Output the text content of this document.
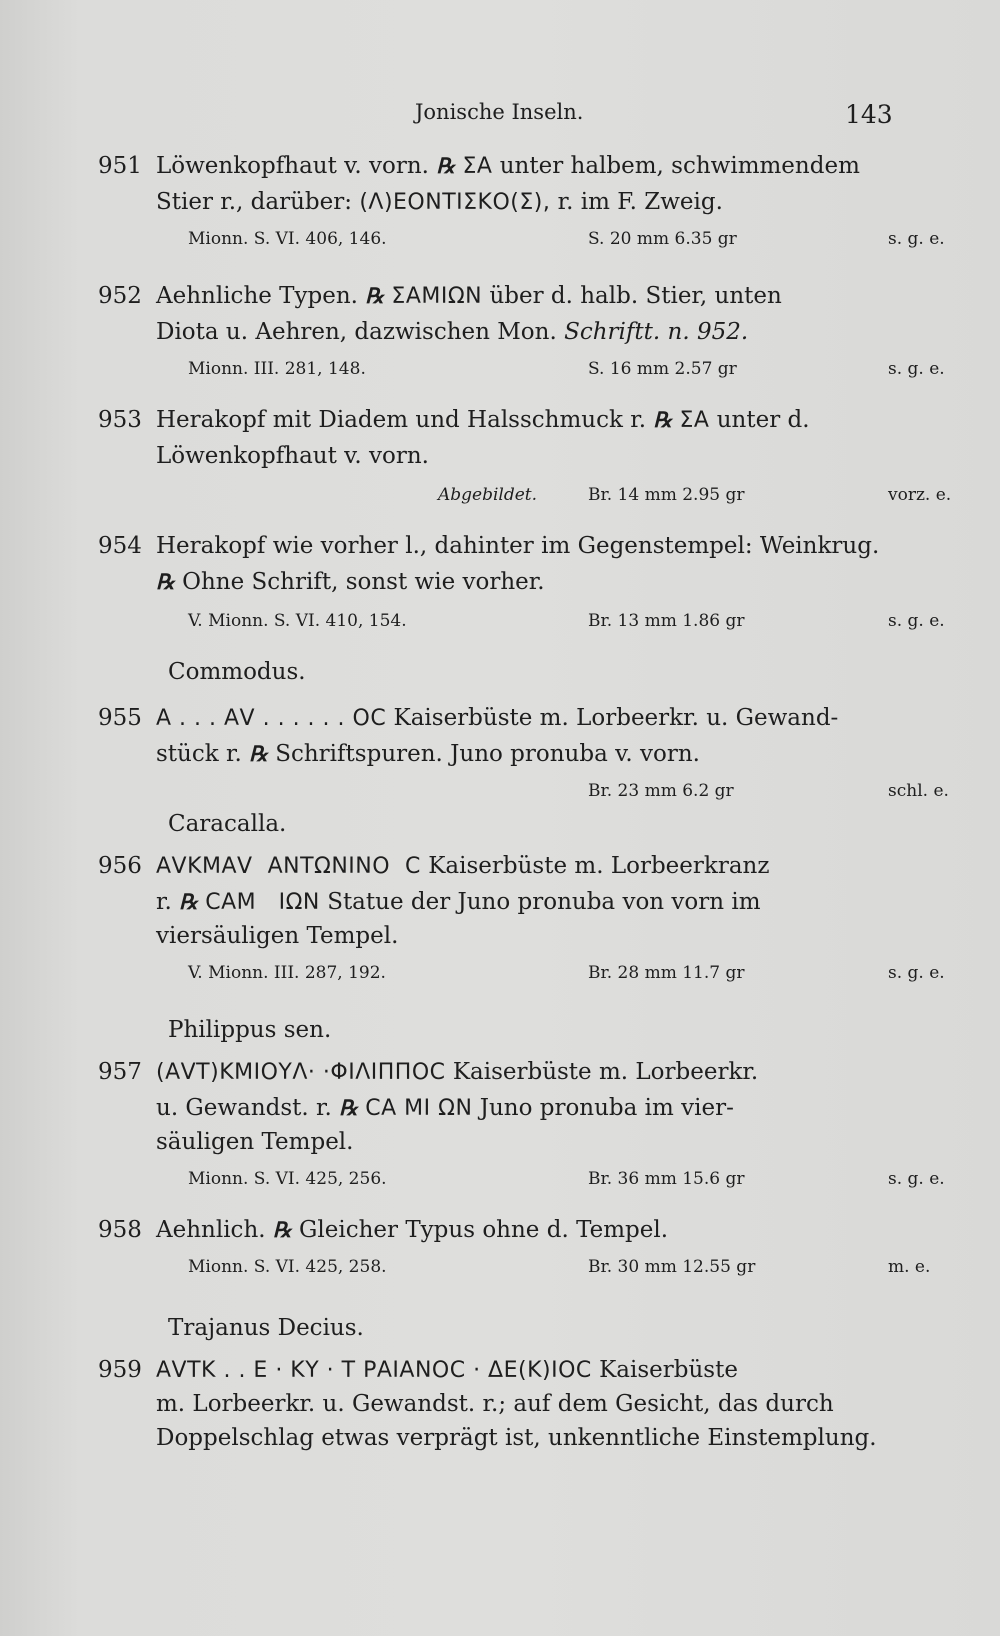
Jonische Inseln.	143
951 Löwenkopfhaut v. vorn. ℞ ΣΑ unter halbem, schwimmendem
Stier r., darüber: (Λ)ΕΟΝΤΙΣΚΟ(Σ), r. im F. Zweig.
Mionn. S. VI. 406, 146.	S. 20 mm 6.35 gr	s. g. e.
952 Aehnliche Typen. ℞ ΣΑΜΙΩΝ über d. halb. Stier, unten
Diota u. Aehren, dazwischen Mon. Schriftt. n. 952.
Mionn. III. 281, 148.	S. 16 mm 2.57 gr	s. g. e.
953 Herakopf mit Diadem und Halsschmuck r. ℞ ΣΑ unter d.
Löwenkopfhaut v. vorn.
Abgebildet.	Br. 14 mm 2.95 gr	vorz. e.
954 Herakopf wie vorher l., dahinter im Gegenstempel: Weinkrug.
℞ Ohne Schrift, sonst wie vorher.
V. Mionn. S. VI. 410, 154.	Br. 13 mm 1.86 gr	s. g. e.
Commodus.
955 Α . . . ΑV . . . . . . ΟC Kaiserbüste m. Lorbeerkr. u. Gewand-
stück r. ℞ Schriftspuren. Juno pronuba v. vorn.
Br. 23 mm 6.2 gr	schl. e.
Caracalla.
956 ΑVΚΜΑV  ΑΝΤΩΝΙΝΟ  C Kaiserbüste m. Lorbeerkranz
r. ℞ CΑΜ   ΙΩΝ Statue der Juno pronuba von vorn im
viersäuligen Tempel.
V. Mionn. III. 287, 192.	Br. 28 mm 11.7 gr	s. g. e.
Philippus sen.
957 (ΑVΤ)ΚΜΙΟΥΛ· ·ΦΙΛΙΠΠΟC Kaiserbüste m. Lorbeerkr.
u. Gewandst. r. ℞ CΑ ΜΙ ΩΝ Juno pronuba im vier-
säuligen Tempel.
Mionn. S. VI. 425, 256.	Br. 36 mm 15.6 gr	s. g. e.
958 Aehnlich. ℞ Gleicher Typus ohne d. Tempel.
Mionn. S. VI. 425, 258.	Br. 30 mm 12.55 gr	m. e.
Trajanus Decius.
959 ΑVΤΚ . . Ε · ΚΥ · Τ ΡΑΙΑΝΟC · ΔΕ(Κ)ΙΟC Kaiserbüste
m. Lorbeerkr. u. Gewandst. r.; auf dem Gesicht, das durch
Doppelschlag etwas verprägt ist, unkenntliche Einstemplung.
